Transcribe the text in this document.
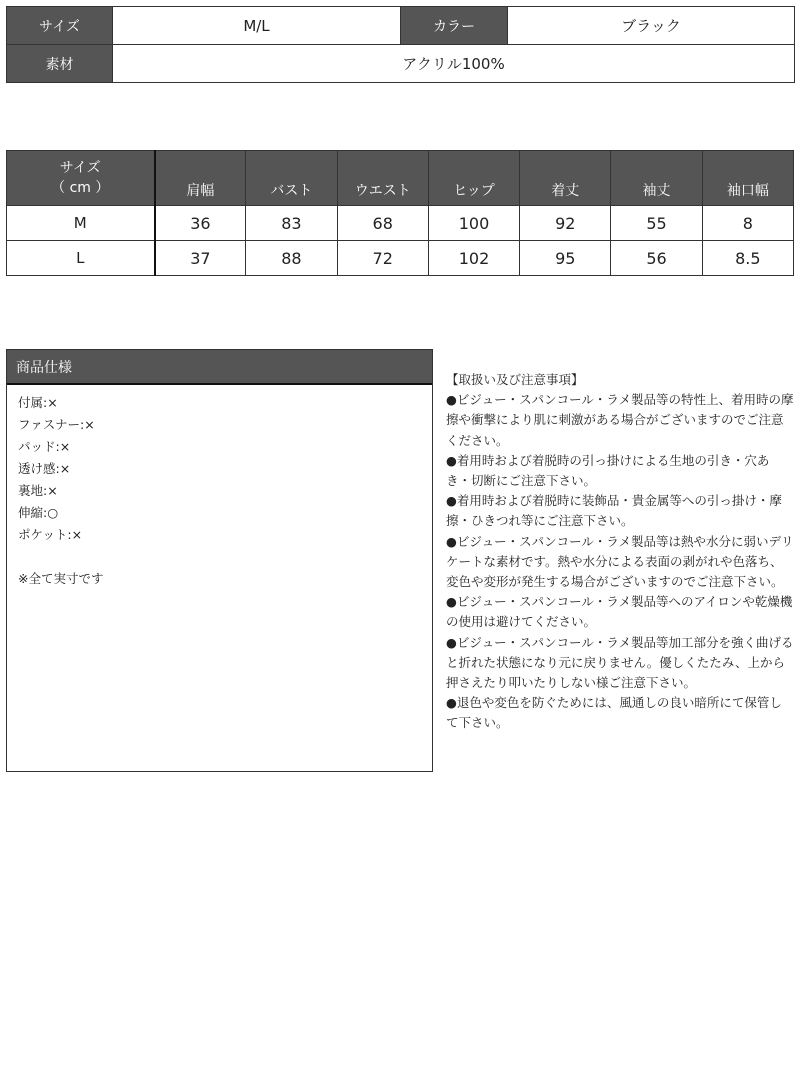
サイズ	M/L	カラー	ブラック
素材	アクリル100%		
サイズ
（ cm ）	肩幅	バスト	ウエスト	ヒップ	着丈	袖丈	袖口幅
M	36	83	68	100	92	55	8
L	37	88	72	102	95	56	8.5
商品仕様
付属:×
ファスナー:×
パッド:×
透け感:×
裏地:×
伸縮:○
ポケット:×
※全て実寸です

【取扱い及び注意事項】

●ビジュー・スパンコール・ラメ製品等の特性上、着用時の摩擦や衝撃により肌に刺激がある場合がございますのでご注意ください。

●着用時および着脱時の引っ掛けによる生地の引き・穴あき・切断にご注意下さい。

●着用時および着脱時に装飾品・貴金属等への引っ掛け・摩擦・ひきつれ等にご注意下さい。

●ビジュー・スパンコール・ラメ製品等は熱や水分に弱いデリケートな素材です。熱や水分による表面の剥がれや色落ち、変色や変形が発生する場合がございますのでご注意下さい。

●ビジュー・スパンコール・ラメ製品等へのアイロンや乾燥機の使用は避けてください。

●ビジュー・スパンコール・ラメ製品等加工部分を強く曲げると折れた状態になり元に戻りません。優しくたたみ、上から押さえたり叩いたりしない様ご注意下さい。

●退色や変色を防ぐためには、風通しの良い暗所にて保管して下さい。
